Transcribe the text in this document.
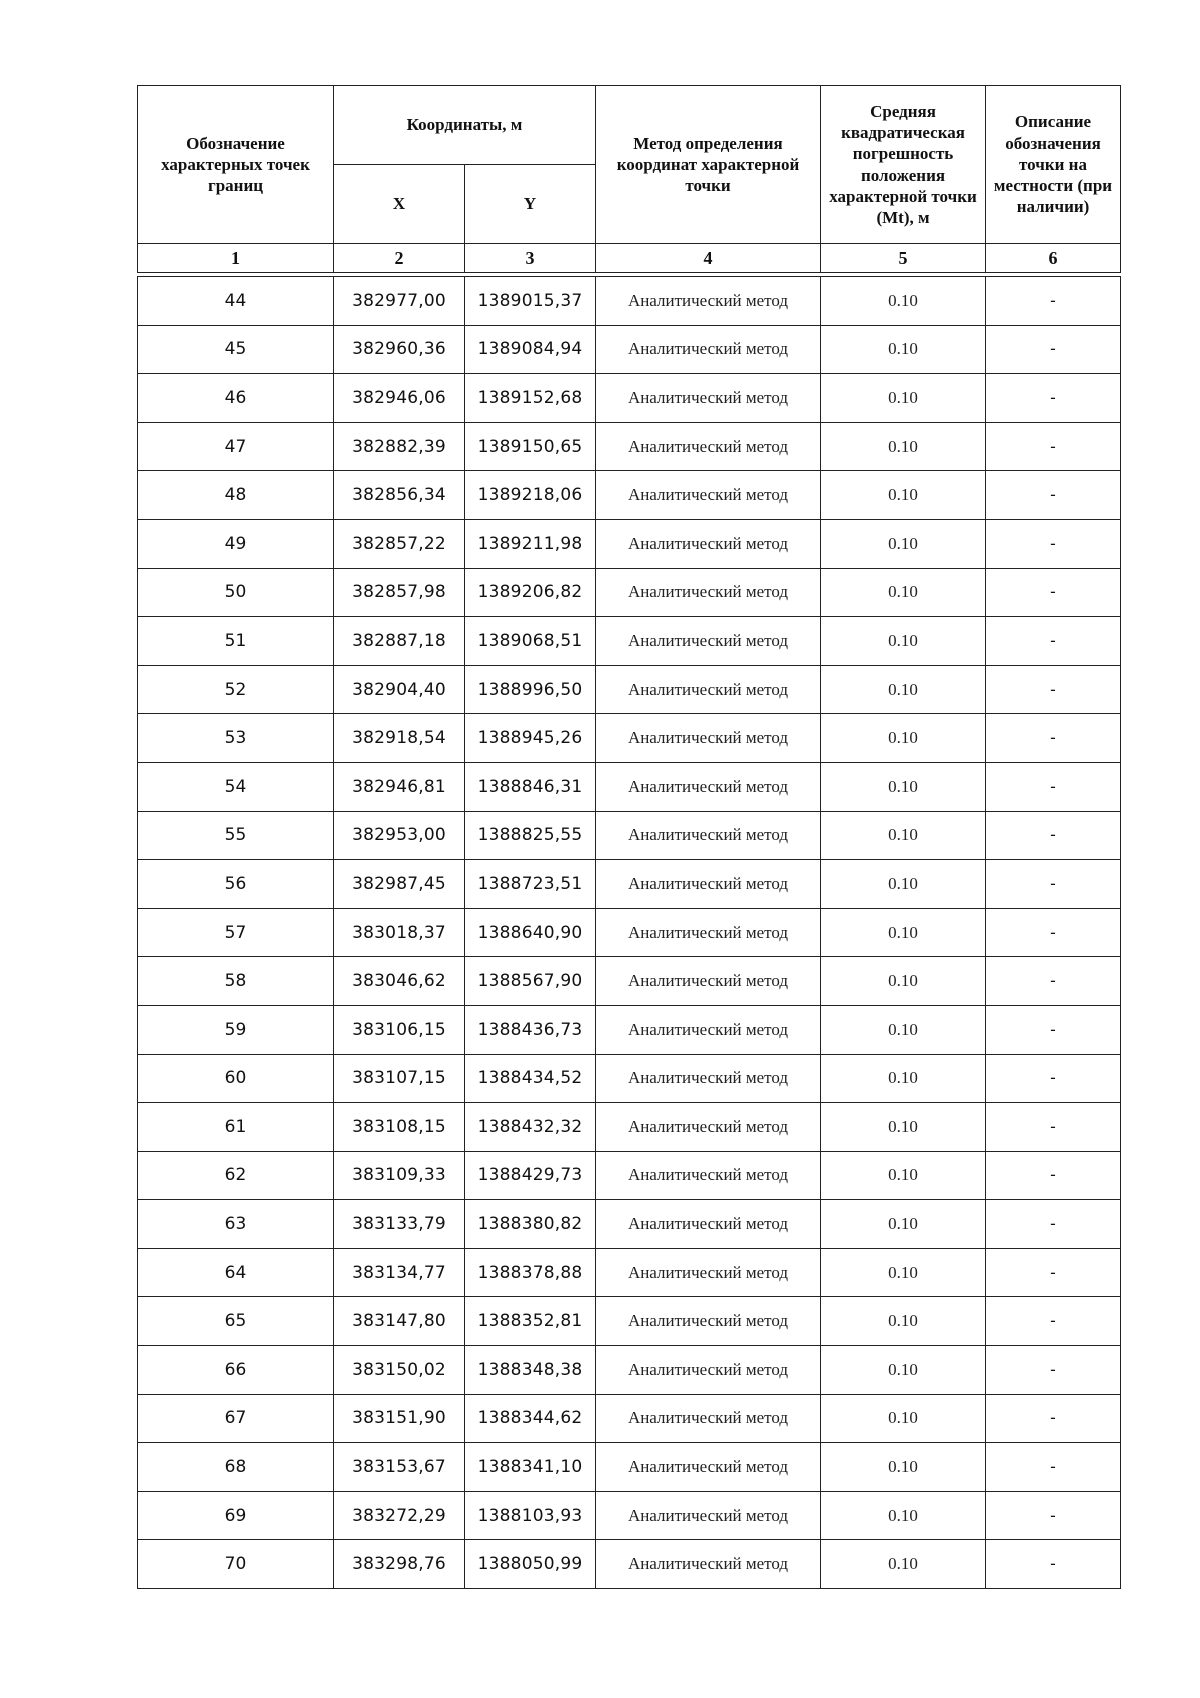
Обозначение характерных точек границ	Координаты, м		Метод определения координат характерной точки	Средняя квадратическая погрешность положения характерной точки (Mt), м	Описание обозначения точки на местности (при наличии)
	X	Y			
1	2	3	4	5	6
44	382977,00	1389015,37	Аналитический метод	0.10	-
45	382960,36	1389084,94	Аналитический метод	0.10	-
46	382946,06	1389152,68	Аналитический метод	0.10	-
47	382882,39	1389150,65	Аналитический метод	0.10	-
48	382856,34	1389218,06	Аналитический метод	0.10	-
49	382857,22	1389211,98	Аналитический метод	0.10	-
50	382857,98	1389206,82	Аналитический метод	0.10	-
51	382887,18	1389068,51	Аналитический метод	0.10	-
52	382904,40	1388996,50	Аналитический метод	0.10	-
53	382918,54	1388945,26	Аналитический метод	0.10	-
54	382946,81	1388846,31	Аналитический метод	0.10	-
55	382953,00	1388825,55	Аналитический метод	0.10	-
56	382987,45	1388723,51	Аналитический метод	0.10	-
57	383018,37	1388640,90	Аналитический метод	0.10	-
58	383046,62	1388567,90	Аналитический метод	0.10	-
59	383106,15	1388436,73	Аналитический метод	0.10	-
60	383107,15	1388434,52	Аналитический метод	0.10	-
61	383108,15	1388432,32	Аналитический метод	0.10	-
62	383109,33	1388429,73	Аналитический метод	0.10	-
63	383133,79	1388380,82	Аналитический метод	0.10	-
64	383134,77	1388378,88	Аналитический метод	0.10	-
65	383147,80	1388352,81	Аналитический метод	0.10	-
66	383150,02	1388348,38	Аналитический метод	0.10	-
67	383151,90	1388344,62	Аналитический метод	0.10	-
68	383153,67	1388341,10	Аналитический метод	0.10	-
69	383272,29	1388103,93	Аналитический метод	0.10	-
70	383298,76	1388050,99	Аналитический метод	0.10	-
